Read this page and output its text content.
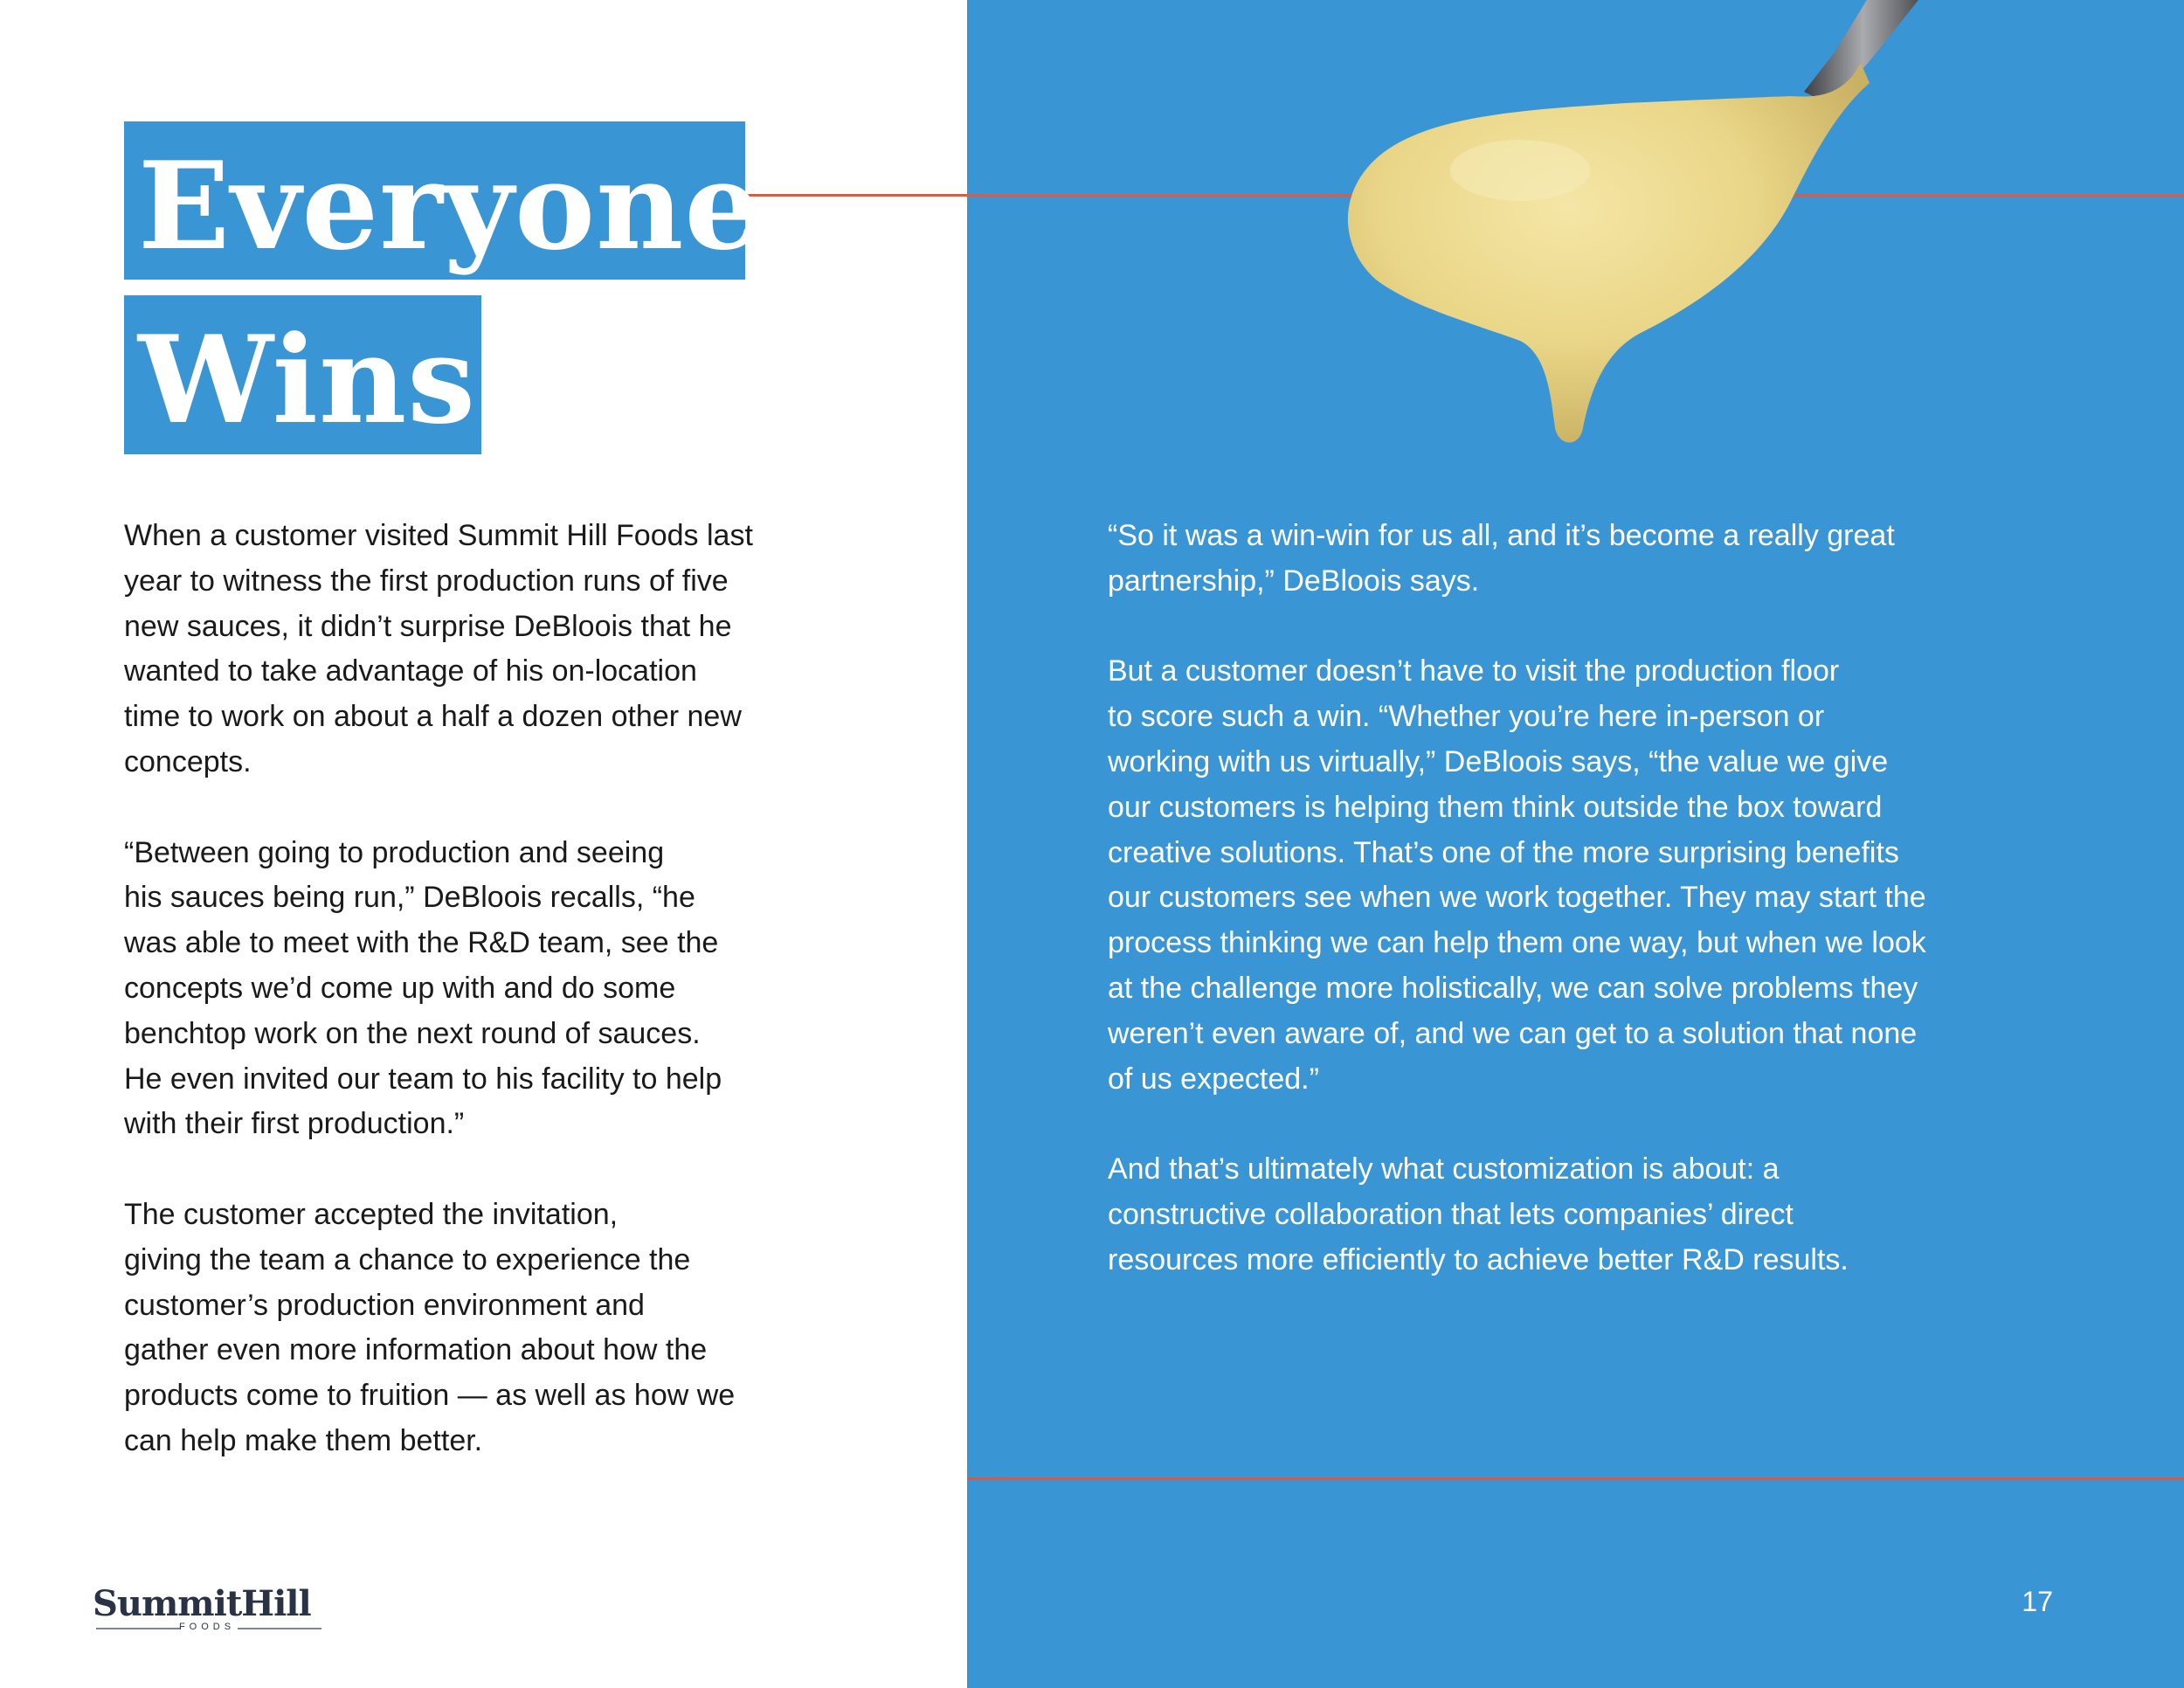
Everyone
Wins

When a customer visited Summit Hill Foods last
year to witness the first production runs of five
new sauces, it didn’t surprise DeBloois that he
wanted to take advantage of his on-location
time to work on about a half a dozen other new
concepts.

“Between going to production and seeing
his sauces being run,” DeBloois recalls, “he
was able to meet with the R&D team, see the
concepts we’d come up with and do some
benchtop work on the next round of sauces.
He even invited our team to his facility to help
with their first production.”

The customer accepted the invitation,
giving the team a chance to experience the
customer’s production environment and
gather even more information about how the
products come to fruition — as well as how we
can help make them better.

“So it was a win-win for us all, and it’s become a really great
partnership,” DeBloois says.

But a customer doesn’t have to visit the production floor
to score such a win. “Whether you’re here in-person or
working with us virtually,” DeBloois says, “the value we give
our customers is helping them think outside the box toward
creative solutions. That’s one of the more surprising benefits
our customers see when we work together. They may start the
process thinking we can help them one way, but when we look
at the challenge more holistically, we can solve problems they
weren’t even aware of, and we can get to a solution that none
of us expected.”

And that’s ultimately what customization is about: a
constructive collaboration that lets companies’ direct
resources more efficiently to achieve better R&D results.

SummitHill
FOODS
17
